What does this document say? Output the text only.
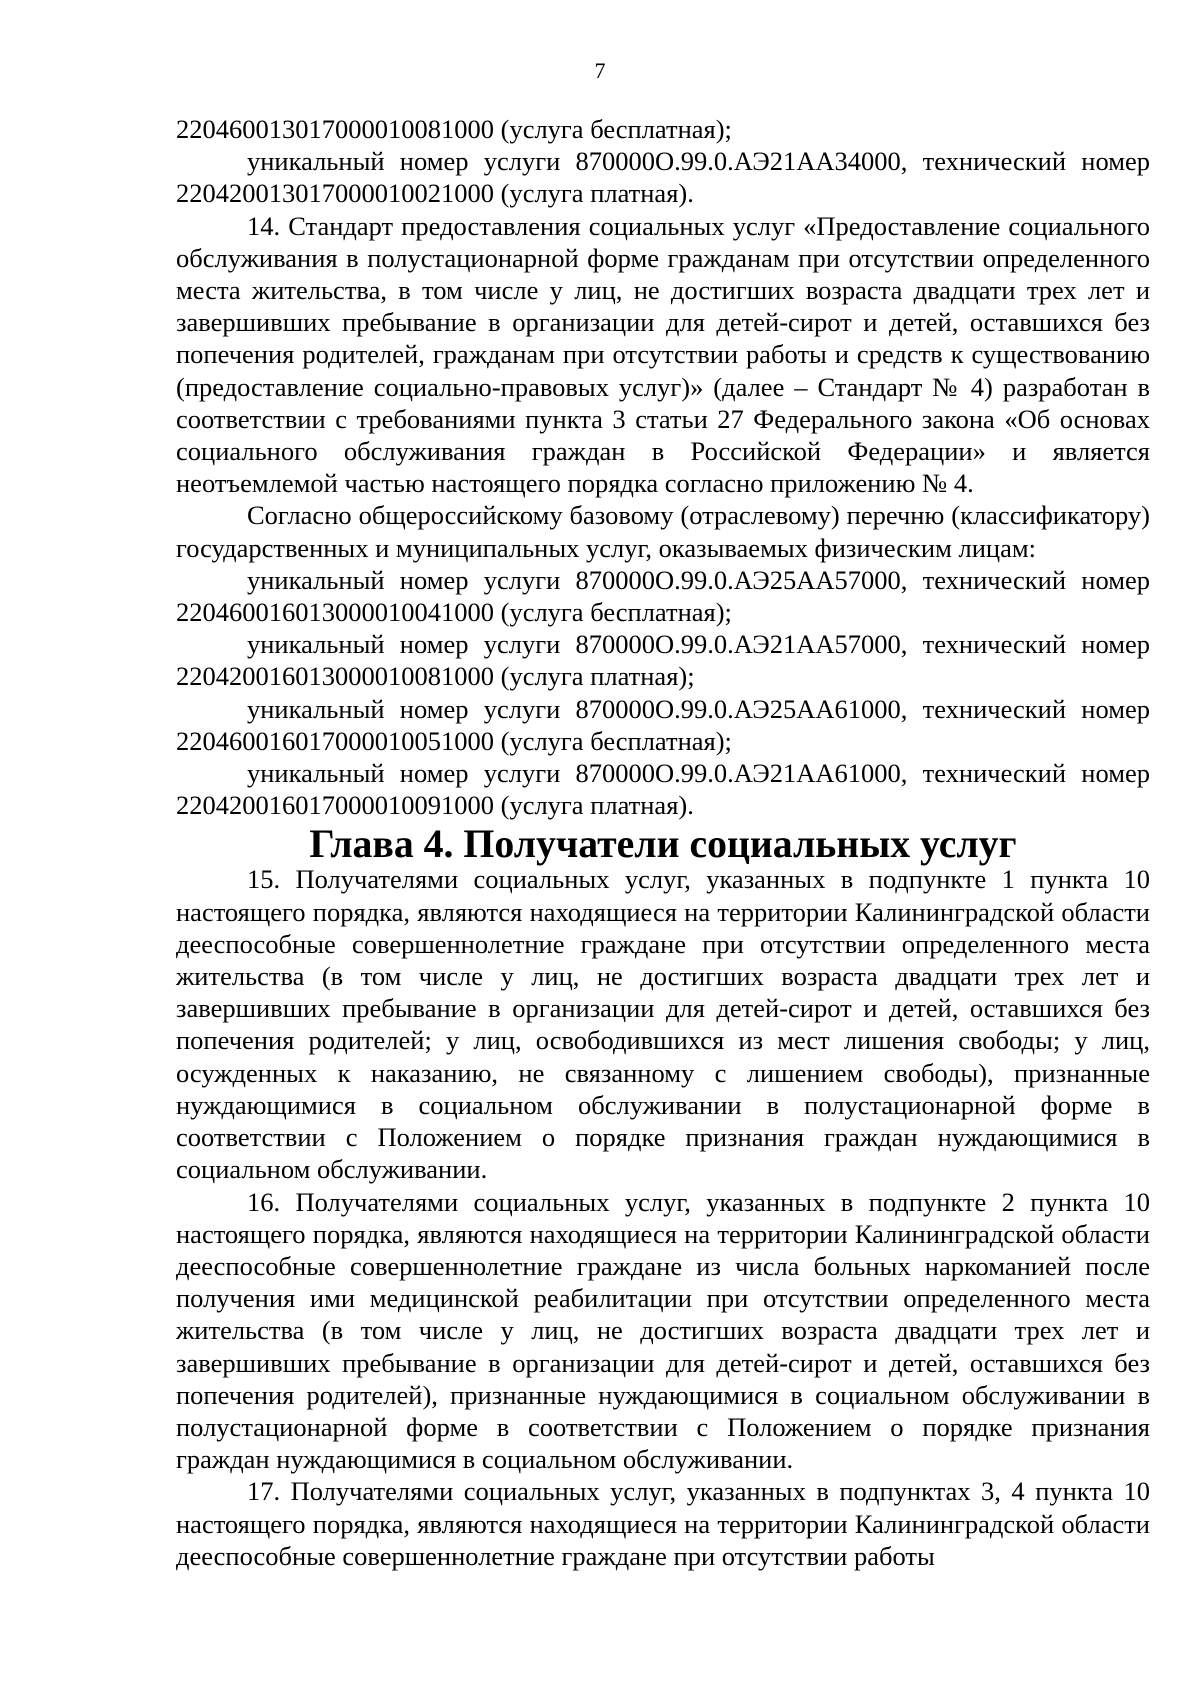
7

220460013017000010081000 (услуга бесплатная);

уникальный номер услуги 870000О.99.0.АЭ21АА34000, технический номер 220420013017000010021000 (услуга платная).

14. Стандарт предоставления социальных услуг «Предоставление социального обслуживания в полустационарной форме гражданам при отсутствии определенного места жительства, в том числе у лиц, не достигших возраста двадцати трех лет и завершивших пребывание в организации для детей-сирот и детей, оставшихся без попечения родителей, гражданам при отсутствии работы и средств к существованию (предоставление социально-правовых услуг)» (далее – Стандарт № 4) разработан в соответствии с требованиями пункта 3 статьи 27 Федерального закона «Об основах социального обслуживания граждан в Российской Федерации» и является неотъемлемой частью настоящего порядка согласно приложению № 4.

Согласно общероссийскому базовому (отраслевому) перечню (классификатору) государственных и муниципальных услуг, оказываемых физическим лицам:

уникальный номер услуги 870000О.99.0.АЭ25АА57000, технический номер 220460016013000010041000 (услуга бесплатная);

уникальный номер услуги 870000О.99.0.АЭ21АА57000, технический номер 220420016013000010081000 (услуга платная);

уникальный номер услуги 870000О.99.0.АЭ25АА61000, технический номер 220460016017000010051000 (услуга бесплатная);

уникальный номер услуги 870000О.99.0.АЭ21АА61000, технический номер 220420016017000010091000 (услуга платная).

Глава 4. Получатели социальных услуг

15. Получателями социальных услуг, указанных в подпункте 1 пункта 10 настоящего порядка, являются находящиеся на территории Калининградской области дееспособные совершеннолетние граждане при отсутствии определенного места жительства (в том числе у лиц, не достигших возраста двадцати трех лет и завершивших пребывание в организации для детей-сирот и детей, оставшихся без попечения родителей; у лиц, освободившихся из мест лишения свободы; у лиц, осужденных к наказанию, не связанному с лишением свободы), признанные нуждающимися в социальном обслуживании в полустационарной форме в соответствии с Положением о порядке признания граждан нуждающимися в социальном обслуживании.

16. Получателями социальных услуг, указанных в подпункте 2 пункта 10 настоящего порядка, являются находящиеся на территории Калининградской области дееспособные совершеннолетние граждане из числа больных наркоманией после получения ими медицинской реабилитации при отсутствии определенного места жительства (в том числе у лиц, не достигших возраста двадцати трех лет и завершивших пребывание в организации для детей-сирот и детей, оставшихся без попечения родителей), признанные нуждающимися в социальном обслуживании в полустационарной форме в соответствии с Положением о порядке признания граждан нуждающимися в социальном обслуживании.

17. Получателями социальных услуг, указанных в подпунктах 3, 4 пункта 10 настоящего порядка, являются находящиеся на территории Калининградской области дееспособные совершеннолетние граждане при отсутствии работы
